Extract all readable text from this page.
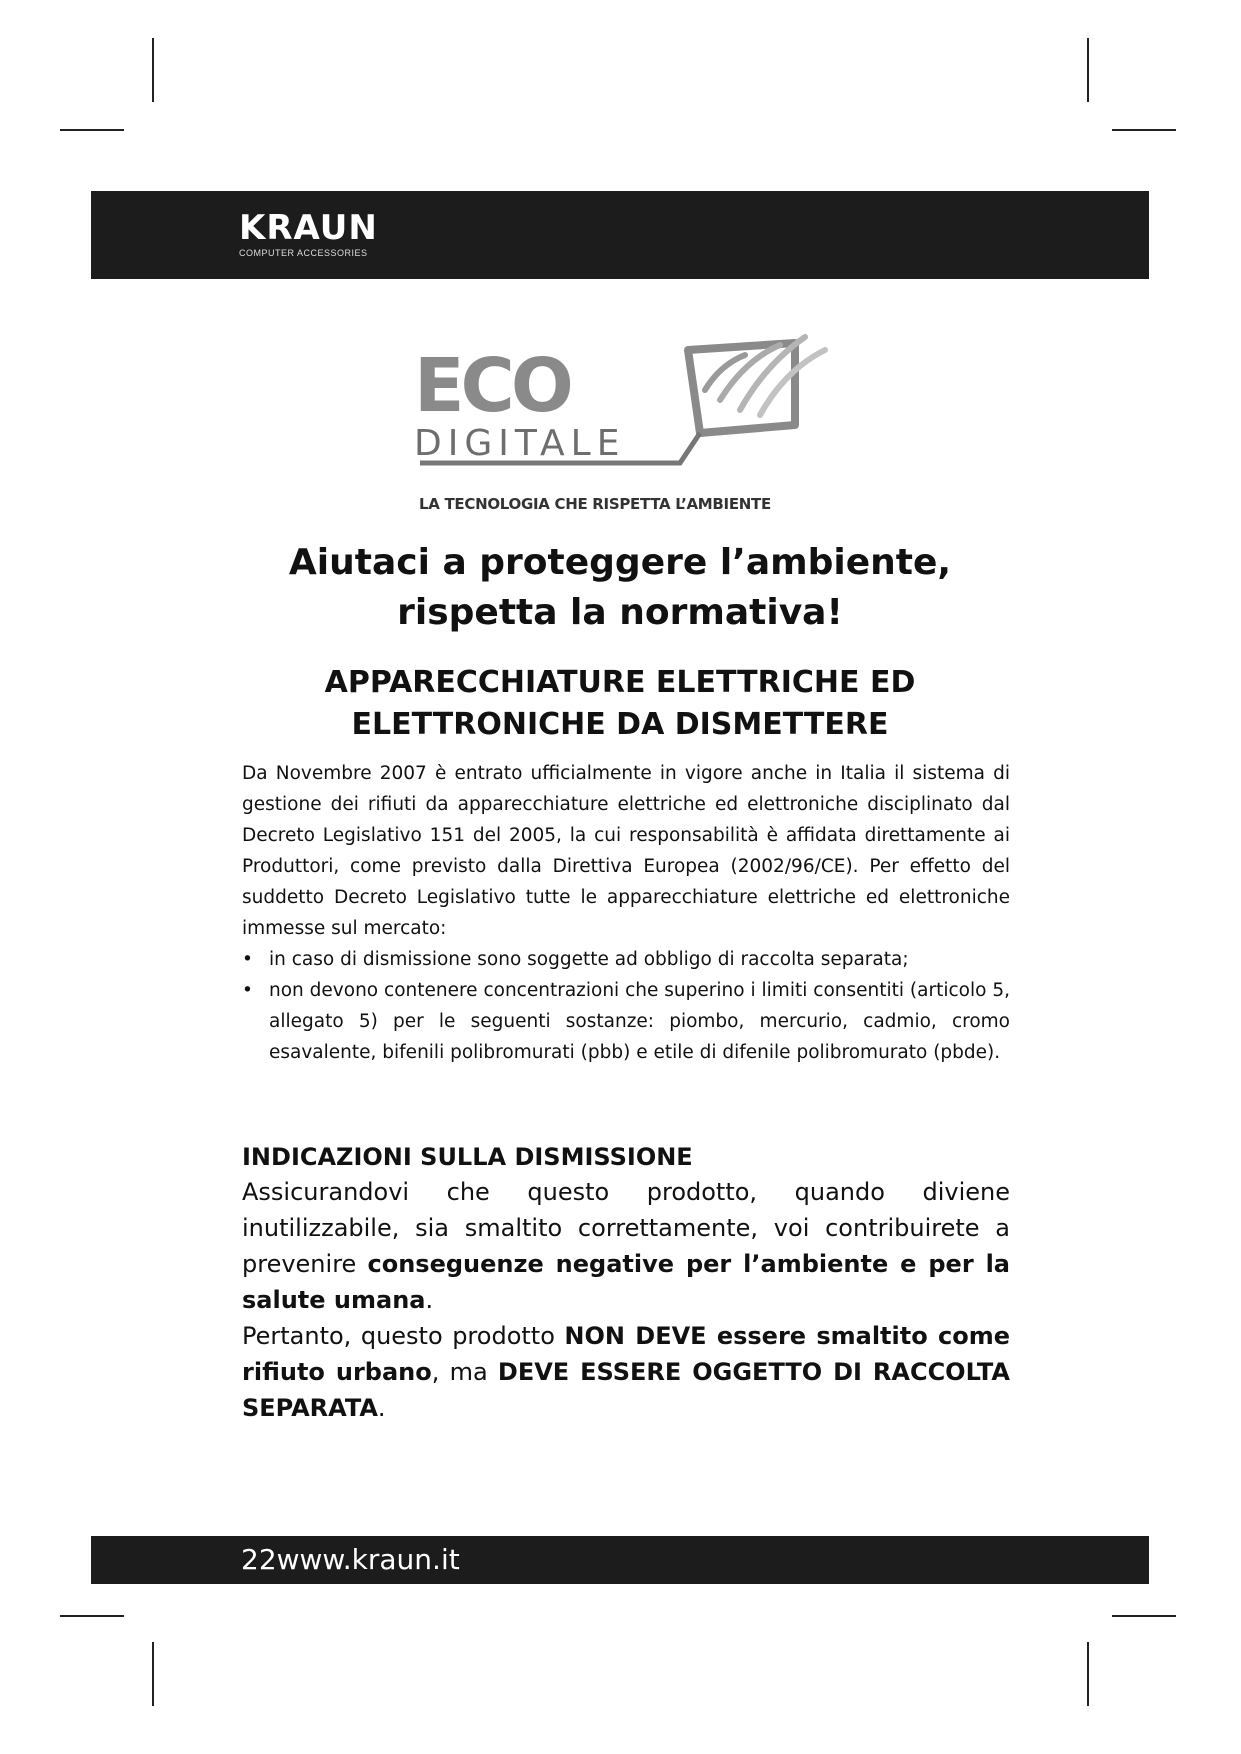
KRAUN
COMPUTER ACCESSORIES
ECO
DIGITALE
LA TECNOLOGIA CHE RISPETTA L’AMBIENTE
Aiutaci a proteggere l’ambiente,
rispetta la normativa!
APPARECCHIATURE ELETTRICHE ED
ELETTRONICHE DA DISMETTERE

Da Novembre 2007 è entrato ufficialmente in vigore anche in Italia il sistema di gestione dei rifiuti da apparecchiature elettriche ed elettroniche disciplinato dal Decreto Legislativo 151 del 2005, la cui responsabilità è affidata direttamente ai Produttori, come previsto dalla Direttiva Europea (2002/96/CE). Per effetto del suddetto Decreto Legislativo tutte le apparecchiature elettriche ed elettroniche immesse sul mercato:

• in caso di dismissione sono soggette ad obbligo di raccolta separata;
• non devono contenere concentrazioni che superino i limiti consentiti (articolo 5, allegato 5) per le seguenti sostanze: piombo, mercurio, cadmio, cromo esavalente, bifenili polibromurati (pbb) e etile di difenile polibromurato (pbde).
INDICAZIONI SULLA DISMISSIONE

Assicurandovi che questo prodotto, quando diviene inutilizzabile, sia smaltito correttamente, voi contribuirete a prevenire conseguenze negative per l’ambiente e per la salute umana.

Pertanto, questo prodotto NON DEVE essere smaltito come rifiuto urbano, ma DEVE ESSERE OGGETTO DI RACCOLTA SEPARATA.

22www.kraun.it
